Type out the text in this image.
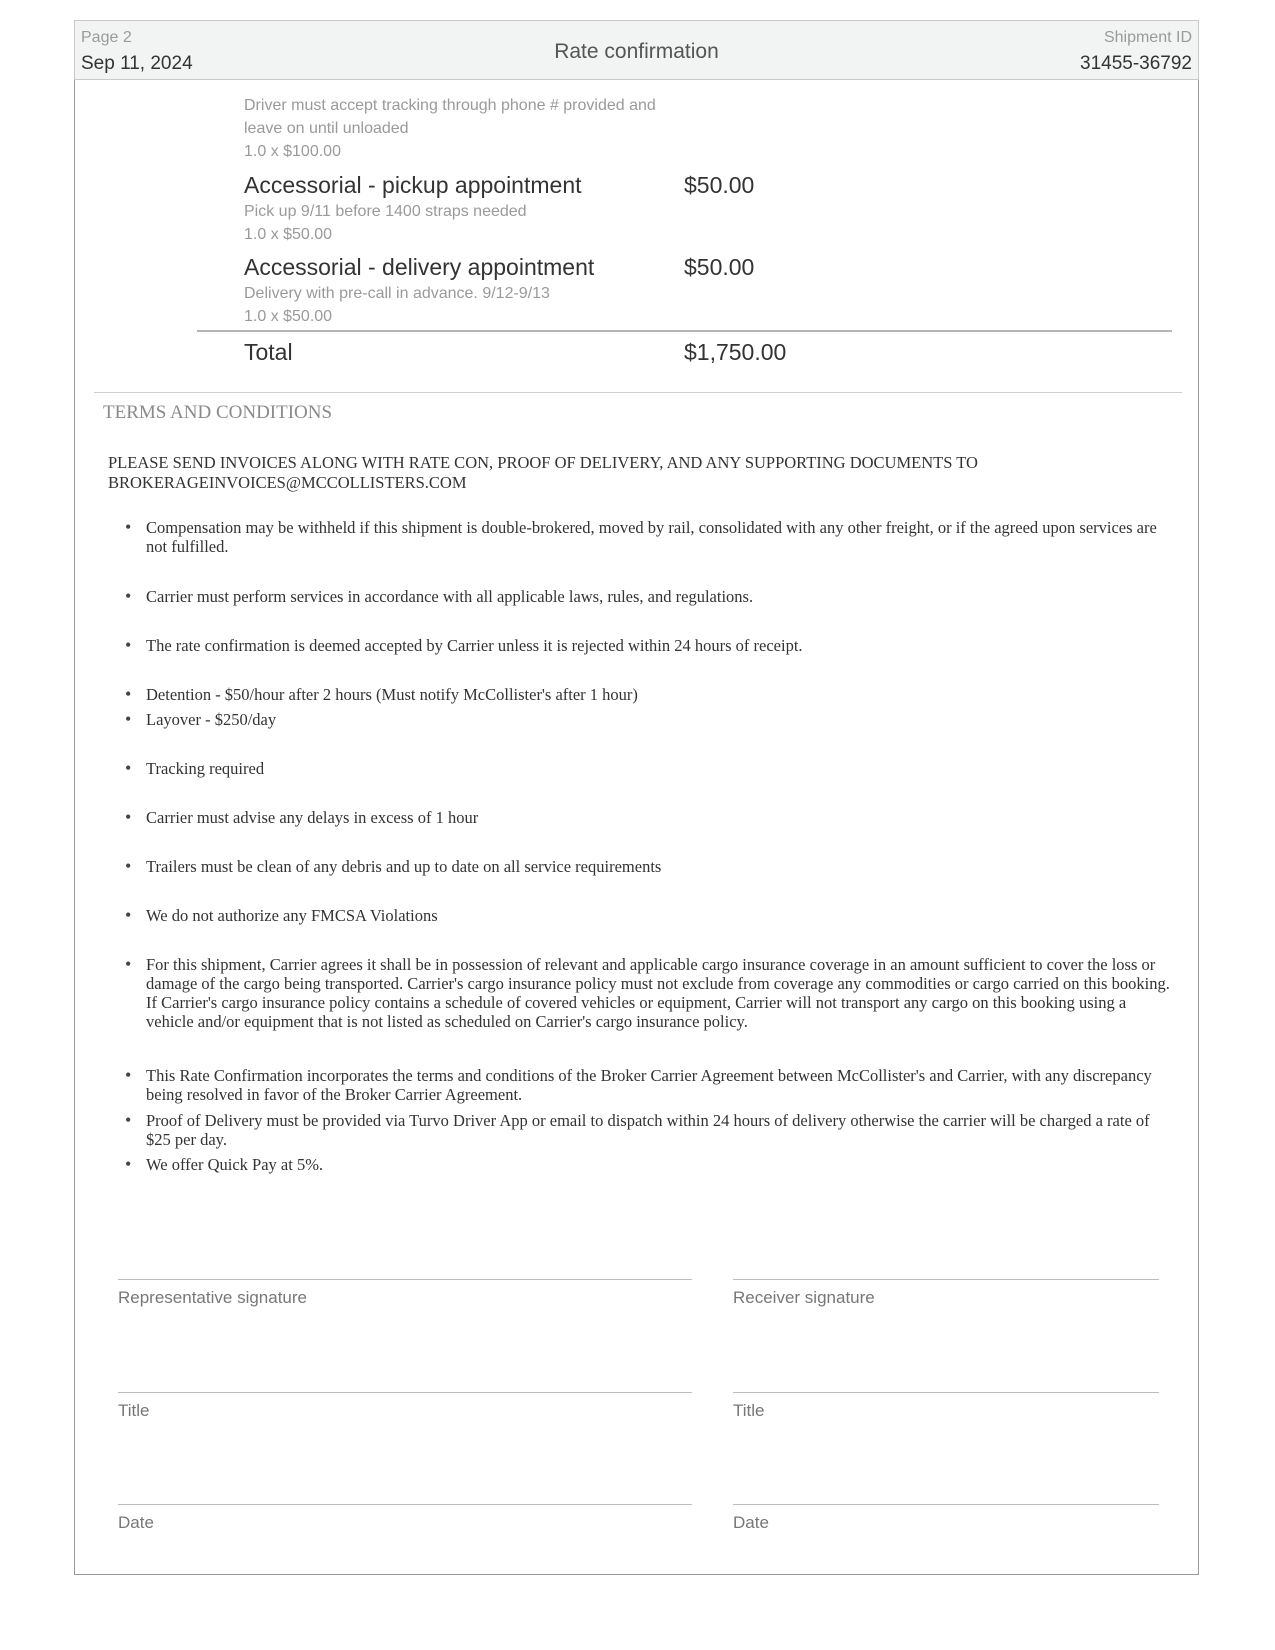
Page 2
Sep 11, 2024
Rate confirmation
Shipment ID
31455-36792
Driver must accept tracking through phone # provided and
leave on until unloaded
1.0 x $100.00
Accessorial - pickup appointment	$50.00
Pick up 9/11 before 1400 straps needed
1.0 x $50.00
Accessorial - delivery appointment	$50.00
Delivery with pre-call in advance. 9/12-9/13
1.0 x $50.00
Total	$1,750.00
TERMS AND CONDITIONS
PLEASE SEND INVOICES ALONG WITH RATE CON, PROOF OF DELIVERY, AND ANY SUPPORTING DOCUMENTS TO
BROKERAGEINVOICES@MCCOLLISTERS.COM
• Compensation may be withheld if this shipment is double-brokered, moved by rail, consolidated with any other freight, or if the agreed upon services are not fulfilled.
• Carrier must perform services in accordance with all applicable laws, rules, and regulations.
• The rate confirmation is deemed accepted by Carrier unless it is rejected within 24 hours of receipt.
• Detention - $50/hour after 2 hours (Must notify McCollister's after 1 hour)
• Layover - $250/day
• Tracking required
• Carrier must advise any delays in excess of 1 hour
• Trailers must be clean of any debris and up to date on all service requirements
• We do not authorize any FMCSA Violations
• For this shipment, Carrier agrees it shall be in possession of relevant and applicable cargo insurance coverage in an amount sufficient to cover the loss or damage of the cargo being transported. Carrier's cargo insurance policy must not exclude from coverage any commodities or cargo carried on this booking. If Carrier's cargo insurance policy contains a schedule of covered vehicles or equipment, Carrier will not transport any cargo on this booking using a vehicle and/or equipment that is not listed as scheduled on Carrier's cargo insurance policy.
• This Rate Confirmation incorporates the terms and conditions of the Broker Carrier Agreement between McCollister's and Carrier, with any discrepancy being resolved in favor of the Broker Carrier Agreement.
• Proof of Delivery must be provided via Turvo Driver App or email to dispatch within 24 hours of delivery otherwise the carrier will be charged a rate of $25 per day.
• We offer Quick Pay at 5%.
Representative signature	Receiver signature
Title	Title
Date	Date
